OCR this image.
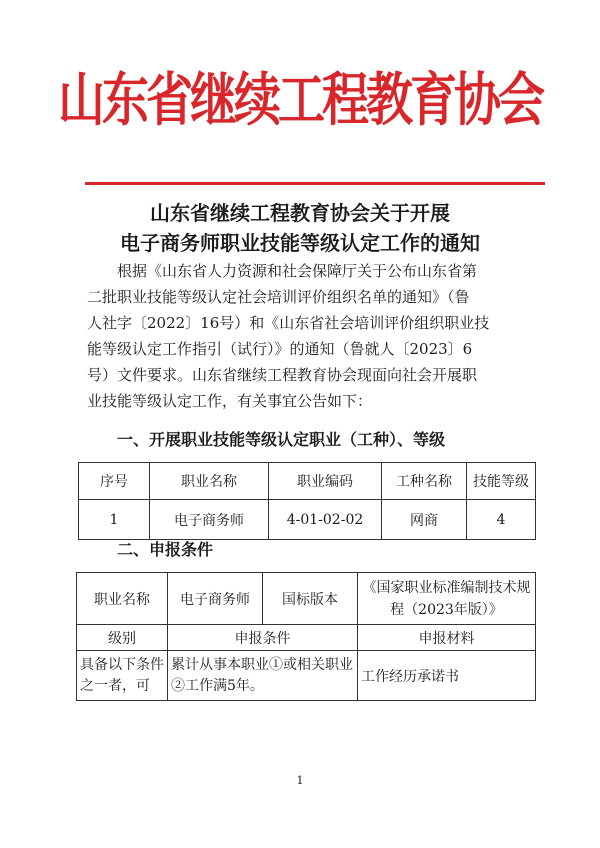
山东省继续工程教育协会
山东省继续工程教育协会关于开展
电子商务师职业技能等级认定工作的通知

根据《山东省人力资源和社会保障厅关于公布山东省第

二批职业技能等级认定社会培训评价组织名单的通知》（鲁

人社字〔2022〕16号）和《山东省社会培训评价组织职业技

能等级认定工作指引（试行）》的通知（鲁就人〔2023〕6

号）文件要求。山东省继续工程教育协会现面向社会开展职

业技能等级认定工作，有关事宜公告如下：

一、开展职业技能等级认定职业（工种）、等级
序号	职业名称	职业编码	工种名称	技能等级
1	电子商务师	4-01-02-02	网商	4
二、申报条件
职业名称	电子商务师	国标版本	《国家职业标准编制技术规程（2023年版）》
级别	申报条件		申报材料
具备以下条件之一者，可	累计从事本职业①或相关职业②工作满5年。		工作经历承诺书
1
